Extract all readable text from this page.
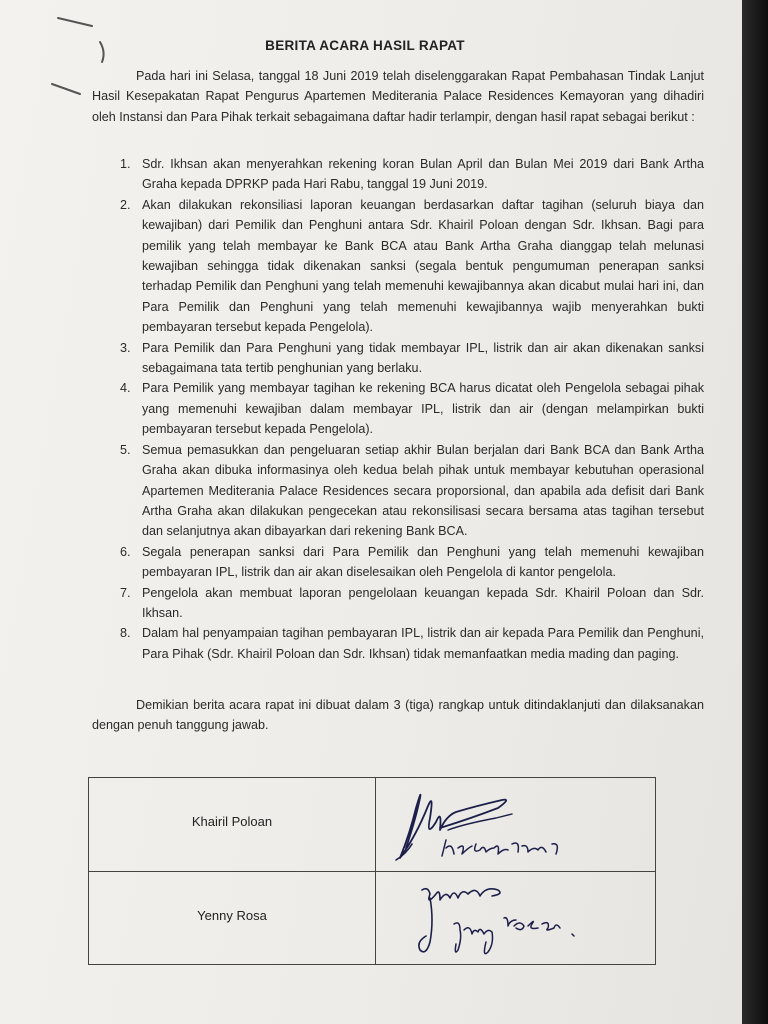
BERITA ACARA HASIL RAPAT
Pada hari ini Selasa, tanggal 18 Juni 2019 telah diselenggarakan Rapat Pembahasan Tindak Lanjut Hasil Kesepakatan Rapat Pengurus Apartemen Mediterania Palace Residences Kemayoran yang dihadiri oleh Instansi dan Para Pihak terkait sebagaimana daftar hadir terlampir, dengan hasil rapat sebagai berikut :
1. Sdr. Ikhsan akan menyerahkan rekening koran Bulan April dan Bulan Mei 2019 dari Bank Artha Graha kepada DPRKP pada Hari Rabu, tanggal 19 Juni 2019.
2. Akan dilakukan rekonsiliasi laporan keuangan berdasarkan daftar tagihan (seluruh biaya dan kewajiban) dari Pemilik dan Penghuni antara Sdr. Khairil Poloan dengan Sdr. Ikhsan. Bagi para pemilik yang telah membayar ke Bank BCA atau Bank Artha Graha dianggap telah melunasi kewajiban sehingga tidak dikenakan sanksi (segala bentuk pengumuman penerapan sanksi terhadap Pemilik dan Penghuni yang telah memenuhi kewajibannya akan dicabut mulai hari ini, dan Para Pemilik dan Penghuni yang telah memenuhi kewajibannya wajib menyerahkan bukti pembayaran tersebut kepada Pengelola).
3. Para Pemilik dan Para Penghuni yang tidak membayar IPL, listrik dan air akan dikenakan sanksi sebagaimana tata tertib penghunian yang berlaku.
4. Para Pemilik yang membayar tagihan ke rekening BCA harus dicatat oleh Pengelola sebagai pihak yang memenuhi kewajiban dalam membayar IPL, listrik dan air (dengan melampirkan bukti pembayaran tersebut kepada Pengelola).
5. Semua pemasukkan dan pengeluaran setiap akhir Bulan berjalan dari Bank BCA dan Bank Artha Graha akan dibuka informasinya oleh kedua belah pihak untuk membayar kebutuhan operasional Apartemen Mediterania Palace Residences secara proporsional, dan apabila ada defisit dari Bank Artha Graha akan dilakukan pengecekan atau rekonsilisasi secara bersama atas tagihan tersebut dan selanjutnya akan dibayarkan dari rekening Bank BCA.
6. Segala penerapan sanksi dari Para Pemilik dan Penghuni yang telah memenuhi kewajiban pembayaran IPL, listrik dan air akan diselesaikan oleh Pengelola di kantor pengelola.
7. Pengelola akan membuat laporan pengelolaan keuangan kepada Sdr. Khairil Poloan dan Sdr. Ikhsan.
8. Dalam hal penyampaian tagihan pembayaran IPL, listrik dan air kepada Para Pemilik dan Penghuni, Para Pihak (Sdr. Khairil Poloan dan Sdr. Ikhsan) tidak memanfaatkan media mading dan paging.
Demikian berita acara rapat ini dibuat dalam 3 (tiga) rangkap untuk ditindaklanjuti dan dilaksanakan dengan penuh tanggung jawab.
Khairil Poloan
Yenny Rosa
